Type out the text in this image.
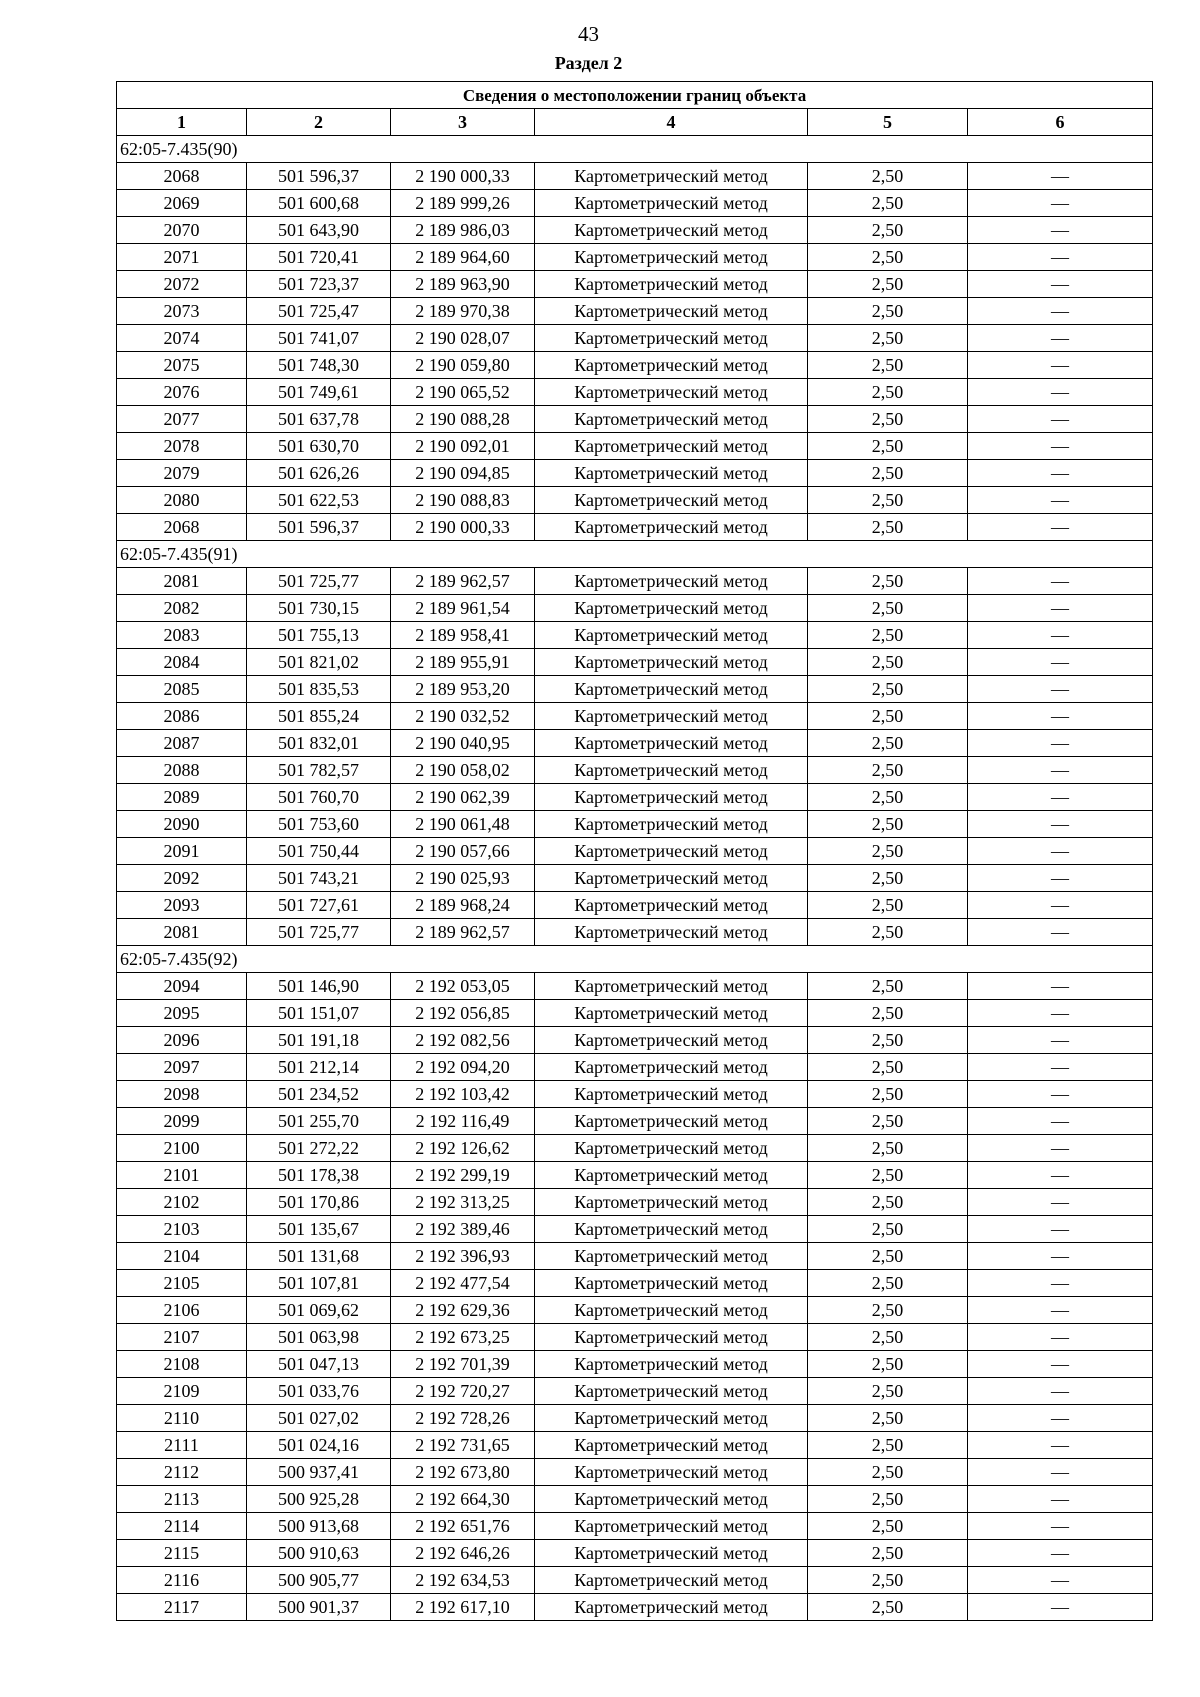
43
Раздел 2
Сведения о местоположении границ объекта					
1	2	3	4	5	6
62:05-7.435(90)					
2068	501 596,37	2 190 000,33	Картометрический метод	2,50	—
2069	501 600,68	2 189 999,26	Картометрический метод	2,50	—
2070	501 643,90	2 189 986,03	Картометрический метод	2,50	—
2071	501 720,41	2 189 964,60	Картометрический метод	2,50	—
2072	501 723,37	2 189 963,90	Картометрический метод	2,50	—
2073	501 725,47	2 189 970,38	Картометрический метод	2,50	—
2074	501 741,07	2 190 028,07	Картометрический метод	2,50	—
2075	501 748,30	2 190 059,80	Картометрический метод	2,50	—
2076	501 749,61	2 190 065,52	Картометрический метод	2,50	—
2077	501 637,78	2 190 088,28	Картометрический метод	2,50	—
2078	501 630,70	2 190 092,01	Картометрический метод	2,50	—
2079	501 626,26	2 190 094,85	Картометрический метод	2,50	—
2080	501 622,53	2 190 088,83	Картометрический метод	2,50	—
2068	501 596,37	2 190 000,33	Картометрический метод	2,50	—
62:05-7.435(91)					
2081	501 725,77	2 189 962,57	Картометрический метод	2,50	—
2082	501 730,15	2 189 961,54	Картометрический метод	2,50	—
2083	501 755,13	2 189 958,41	Картометрический метод	2,50	—
2084	501 821,02	2 189 955,91	Картометрический метод	2,50	—
2085	501 835,53	2 189 953,20	Картометрический метод	2,50	—
2086	501 855,24	2 190 032,52	Картометрический метод	2,50	—
2087	501 832,01	2 190 040,95	Картометрический метод	2,50	—
2088	501 782,57	2 190 058,02	Картометрический метод	2,50	—
2089	501 760,70	2 190 062,39	Картометрический метод	2,50	—
2090	501 753,60	2 190 061,48	Картометрический метод	2,50	—
2091	501 750,44	2 190 057,66	Картометрический метод	2,50	—
2092	501 743,21	2 190 025,93	Картометрический метод	2,50	—
2093	501 727,61	2 189 968,24	Картометрический метод	2,50	—
2081	501 725,77	2 189 962,57	Картометрический метод	2,50	—
62:05-7.435(92)					
2094	501 146,90	2 192 053,05	Картометрический метод	2,50	—
2095	501 151,07	2 192 056,85	Картометрический метод	2,50	—
2096	501 191,18	2 192 082,56	Картометрический метод	2,50	—
2097	501 212,14	2 192 094,20	Картометрический метод	2,50	—
2098	501 234,52	2 192 103,42	Картометрический метод	2,50	—
2099	501 255,70	2 192 116,49	Картометрический метод	2,50	—
2100	501 272,22	2 192 126,62	Картометрический метод	2,50	—
2101	501 178,38	2 192 299,19	Картометрический метод	2,50	—
2102	501 170,86	2 192 313,25	Картометрический метод	2,50	—
2103	501 135,67	2 192 389,46	Картометрический метод	2,50	—
2104	501 131,68	2 192 396,93	Картометрический метод	2,50	—
2105	501 107,81	2 192 477,54	Картометрический метод	2,50	—
2106	501 069,62	2 192 629,36	Картометрический метод	2,50	—
2107	501 063,98	2 192 673,25	Картометрический метод	2,50	—
2108	501 047,13	2 192 701,39	Картометрический метод	2,50	—
2109	501 033,76	2 192 720,27	Картометрический метод	2,50	—
2110	501 027,02	2 192 728,26	Картометрический метод	2,50	—
2111	501 024,16	2 192 731,65	Картометрический метод	2,50	—
2112	500 937,41	2 192 673,80	Картометрический метод	2,50	—
2113	500 925,28	2 192 664,30	Картометрический метод	2,50	—
2114	500 913,68	2 192 651,76	Картометрический метод	2,50	—
2115	500 910,63	2 192 646,26	Картометрический метод	2,50	—
2116	500 905,77	2 192 634,53	Картометрический метод	2,50	—
2117	500 901,37	2 192 617,10	Картометрический метод	2,50	—
